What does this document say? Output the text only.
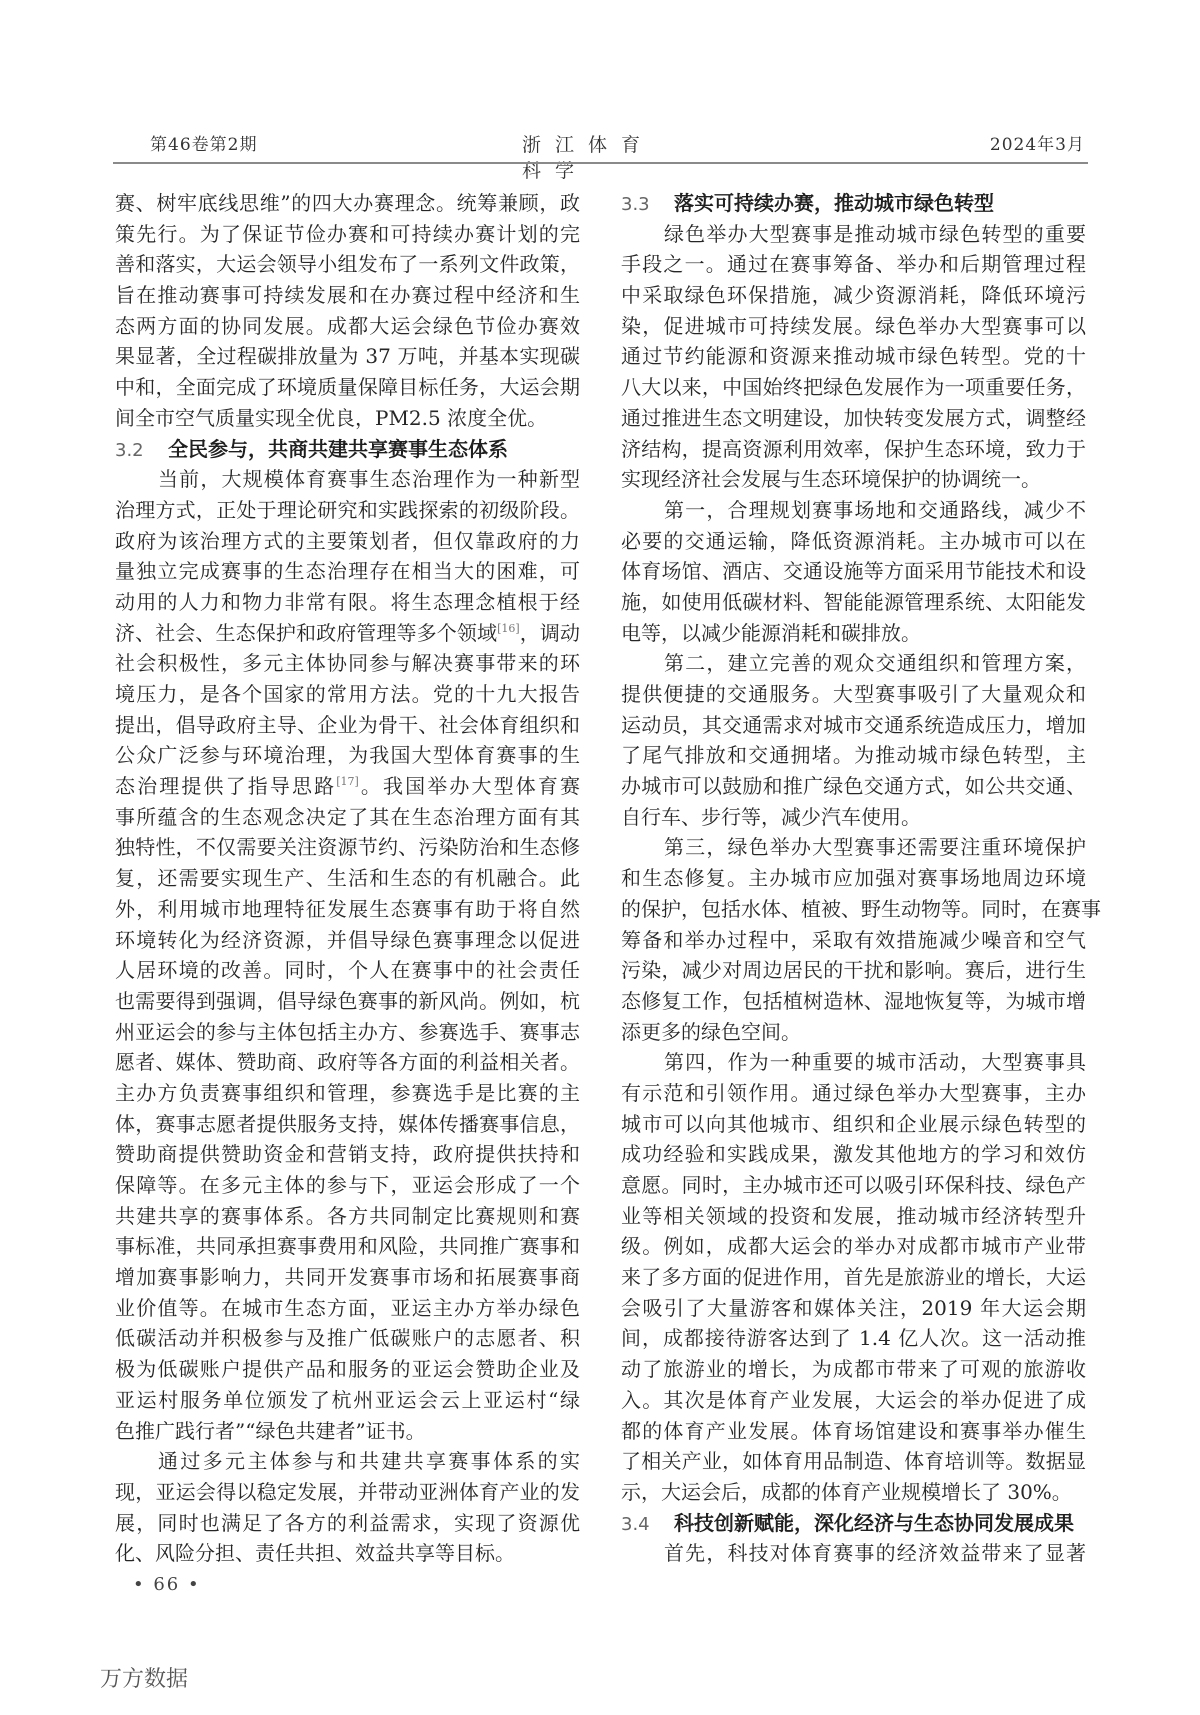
第46卷第2期	浙江体育科学
2024年3月
赛、树牢底线思维”的四大办赛理念。统筹兼顾，政
策先行。为了保证节俭办赛和可持续办赛计划的完
善和落实，大运会领导小组发布了一系列文件政策，
旨在推动赛事可持续发展和在办赛过程中经济和生
态两方面的协同发展。成都大运会绿色节俭办赛效
果显著，全过程碳排放量为 37 万吨，并基本实现碳
中和，全面完成了环境质量保障目标任务，大运会期
间全市空气质量实现全优良，PM2.5 浓度全优。
3.2 全民参与，共商共建共享赛事生态体系
当前，大规模体育赛事生态治理作为一种新型
治理方式，正处于理论研究和实践探索的初级阶段。
政府为该治理方式的主要策划者，但仅靠政府的力
量独立完成赛事的生态治理存在相当大的困难，可
动用的人力和物力非常有限。将生态理念植根于经
济、社会、生态保护和政府管理等多个领域[16]，调动
社会积极性，多元主体协同参与解决赛事带来的环
境压力，是各个国家的常用方法。党的十九大报告
提出，倡导政府主导、企业为骨干、社会体育组织和
公众广泛参与环境治理，为我国大型体育赛事的生
态治理提供了指导思路[17]。我国举办大型体育赛
事所蕴含的生态观念决定了其在生态治理方面有其
独特性，不仅需要关注资源节约、污染防治和生态修
复，还需要实现生产、生活和生态的有机融合。此
外，利用城市地理特征发展生态赛事有助于将自然
环境转化为经济资源，并倡导绿色赛事理念以促进
人居环境的改善。同时，个人在赛事中的社会责任
也需要得到强调，倡导绿色赛事的新风尚。例如，杭
州亚运会的参与主体包括主办方、参赛选手、赛事志
愿者、媒体、赞助商、政府等各方面的利益相关者。
主办方负责赛事组织和管理，参赛选手是比赛的主
体，赛事志愿者提供服务支持，媒体传播赛事信息，
赞助商提供赞助资金和营销支持，政府提供扶持和
保障等。在多元主体的参与下，亚运会形成了一个
共建共享的赛事体系。各方共同制定比赛规则和赛
事标准，共同承担赛事费用和风险，共同推广赛事和
增加赛事影响力，共同开发赛事市场和拓展赛事商
业价值等。在城市生态方面，亚运主办方举办绿色
低碳活动并积极参与及推广低碳账户的志愿者、积
极为低碳账户提供产品和服务的亚运会赞助企业及
亚运村服务单位颁发了杭州亚运会云上亚运村“绿
色推广践行者”“绿色共建者”证书。
通过多元主体参与和共建共享赛事体系的实
现，亚运会得以稳定发展，并带动亚洲体育产业的发
展，同时也满足了各方的利益需求，实现了资源优
化、风险分担、责任共担、效益共享等目标。
3.3 落实可持续办赛，推动城市绿色转型
绿色举办大型赛事是推动城市绿色转型的重要
手段之一。通过在赛事筹备、举办和后期管理过程
中采取绿色环保措施，减少资源消耗，降低环境污
染，促进城市可持续发展。绿色举办大型赛事可以
通过节约能源和资源来推动城市绿色转型。党的十
八大以来，中国始终把绿色发展作为一项重要任务，
通过推进生态文明建设，加快转变发展方式，调整经
济结构，提高资源利用效率，保护生态环境，致力于
实现经济社会发展与生态环境保护的协调统一。
第一，合理规划赛事场地和交通路线，减少不
必要的交通运输，降低资源消耗。主办城市可以在
体育场馆、酒店、交通设施等方面采用节能技术和设
施，如使用低碳材料、智能能源管理系统、太阳能发
电等，以减少能源消耗和碳排放。
第二，建立完善的观众交通组织和管理方案，
提供便捷的交通服务。大型赛事吸引了大量观众和
运动员，其交通需求对城市交通系统造成压力，增加
了尾气排放和交通拥堵。为推动城市绿色转型，主
办城市可以鼓励和推广绿色交通方式，如公共交通、
自行车、步行等，减少汽车使用。
第三，绿色举办大型赛事还需要注重环境保护
和生态修复。主办城市应加强对赛事场地周边环境
的保护，包括水体、植被、野生动物等。同时，在赛事
筹备和举办过程中，采取有效措施减少噪音和空气
污染，减少对周边居民的干扰和影响。赛后，进行生
态修复工作，包括植树造林、湿地恢复等，为城市增
添更多的绿色空间。
第四，作为一种重要的城市活动，大型赛事具
有示范和引领作用。通过绿色举办大型赛事，主办
城市可以向其他城市、组织和企业展示绿色转型的
成功经验和实践成果，激发其他地方的学习和效仿
意愿。同时，主办城市还可以吸引环保科技、绿色产
业等相关领域的投资和发展，推动城市经济转型升
级。例如，成都大运会的举办对成都市城市产业带
来了多方面的促进作用，首先是旅游业的增长，大运
会吸引了大量游客和媒体关注，2019 年大运会期
间，成都接待游客达到了 1.4 亿人次。这一活动推
动了旅游业的增长，为成都市带来了可观的旅游收
入。其次是体育产业发展，大运会的举办促进了成
都的体育产业发展。体育场馆建设和赛事举办催生
了相关产业，如体育用品制造、体育培训等。数据显
示，大运会后，成都的体育产业规模增长了 30%。
3.4 科技创新赋能，深化经济与生态协同发展成果
首先，科技对体育赛事的经济效益带来了显著
• 66 •
万方数据
